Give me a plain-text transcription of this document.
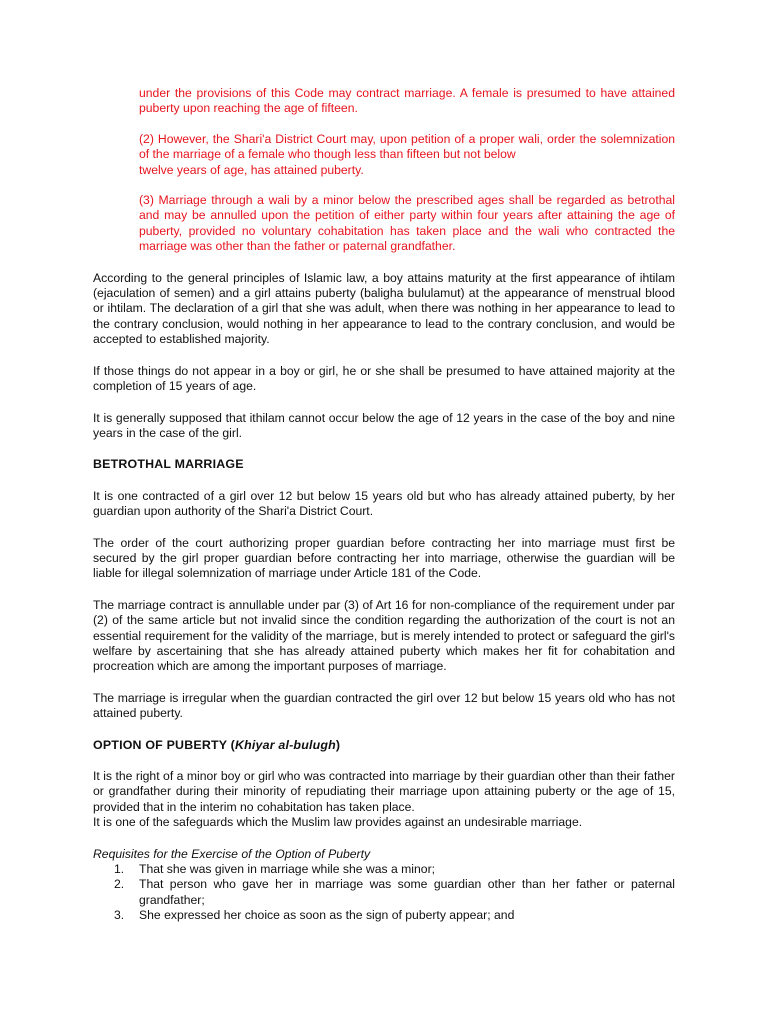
under the provisions of this Code may contract marriage. A female is presumed to have attained puberty upon reaching the age of fifteen.

(2) However, the Shari'a District Court may, upon petition of a proper wali, order the solemnization of the marriage of a female who though less than fifteen but not below

twelve years of age, has attained puberty.

(3) Marriage through a wali by a minor below the prescribed ages shall be regarded as betrothal and may be annulled upon the petition of either party within four years after attaining the age of puberty, provided no voluntary cohabitation has taken place and the wali who contracted the marriage was other than the father or paternal grandfather.

According to the general principles of Islamic law, a boy attains maturity at the first appearance of ihtilam (ejaculation of semen) and a girl attains puberty (baligha bululamut) at the appearance of menstrual blood or ihtilam. The declaration of a girl that she was adult, when there was nothing in her appearance to lead to the contrary conclusion, would nothing in her appearance to lead to the contrary conclusion, and would be accepted to established majority.

If those things do not appear in a boy or girl, he or she shall be presumed to have attained majority at the completion of 15 years of age.

It is generally supposed that ithilam cannot occur below the age of 12 years in the case of the boy and nine years in the case of the girl.

BETROTHAL MARRIAGE

It is one contracted of a girl over 12 but below 15 years old but who has already attained puberty, by her guardian upon authority of the Shari'a District Court.

The order of the court authorizing proper guardian before contracting her into marriage must first be secured by the girl proper guardian before contracting her into marriage, otherwise the guardian will be liable for illegal solemnization of marriage under Article 181 of the Code.

The marriage contract is annullable under par (3) of Art 16 for non-compliance of the requirement under par (2) of the same article but not invalid since the condition regarding the authorization of the court is not an essential requirement for the validity of the marriage, but is merely intended to protect or safeguard the girl's welfare by ascertaining that she has already attained puberty which makes her fit for cohabitation and procreation which are among the important purposes of marriage.

The marriage is irregular when the guardian contracted the girl over 12 but below 15 years old who has not attained puberty.

OPTION OF PUBERTY (Khiyar al-bulugh)

It is the right of a minor boy or girl who was contracted into marriage by their guardian other than their father or grandfather during their minority of repudiating their marriage upon attaining puberty or the age of 15, provided that in the interim no cohabitation has taken place.

It is one of the safeguards which the Muslim law provides against an undesirable marriage.

Requisites for the Exercise of the Option of Puberty

1. That she was given in marriage while she was a minor;
2. That person who gave her in marriage was some guardian other than her father or paternal grandfather;
3. She expressed her choice as soon as the sign of puberty appear; and
